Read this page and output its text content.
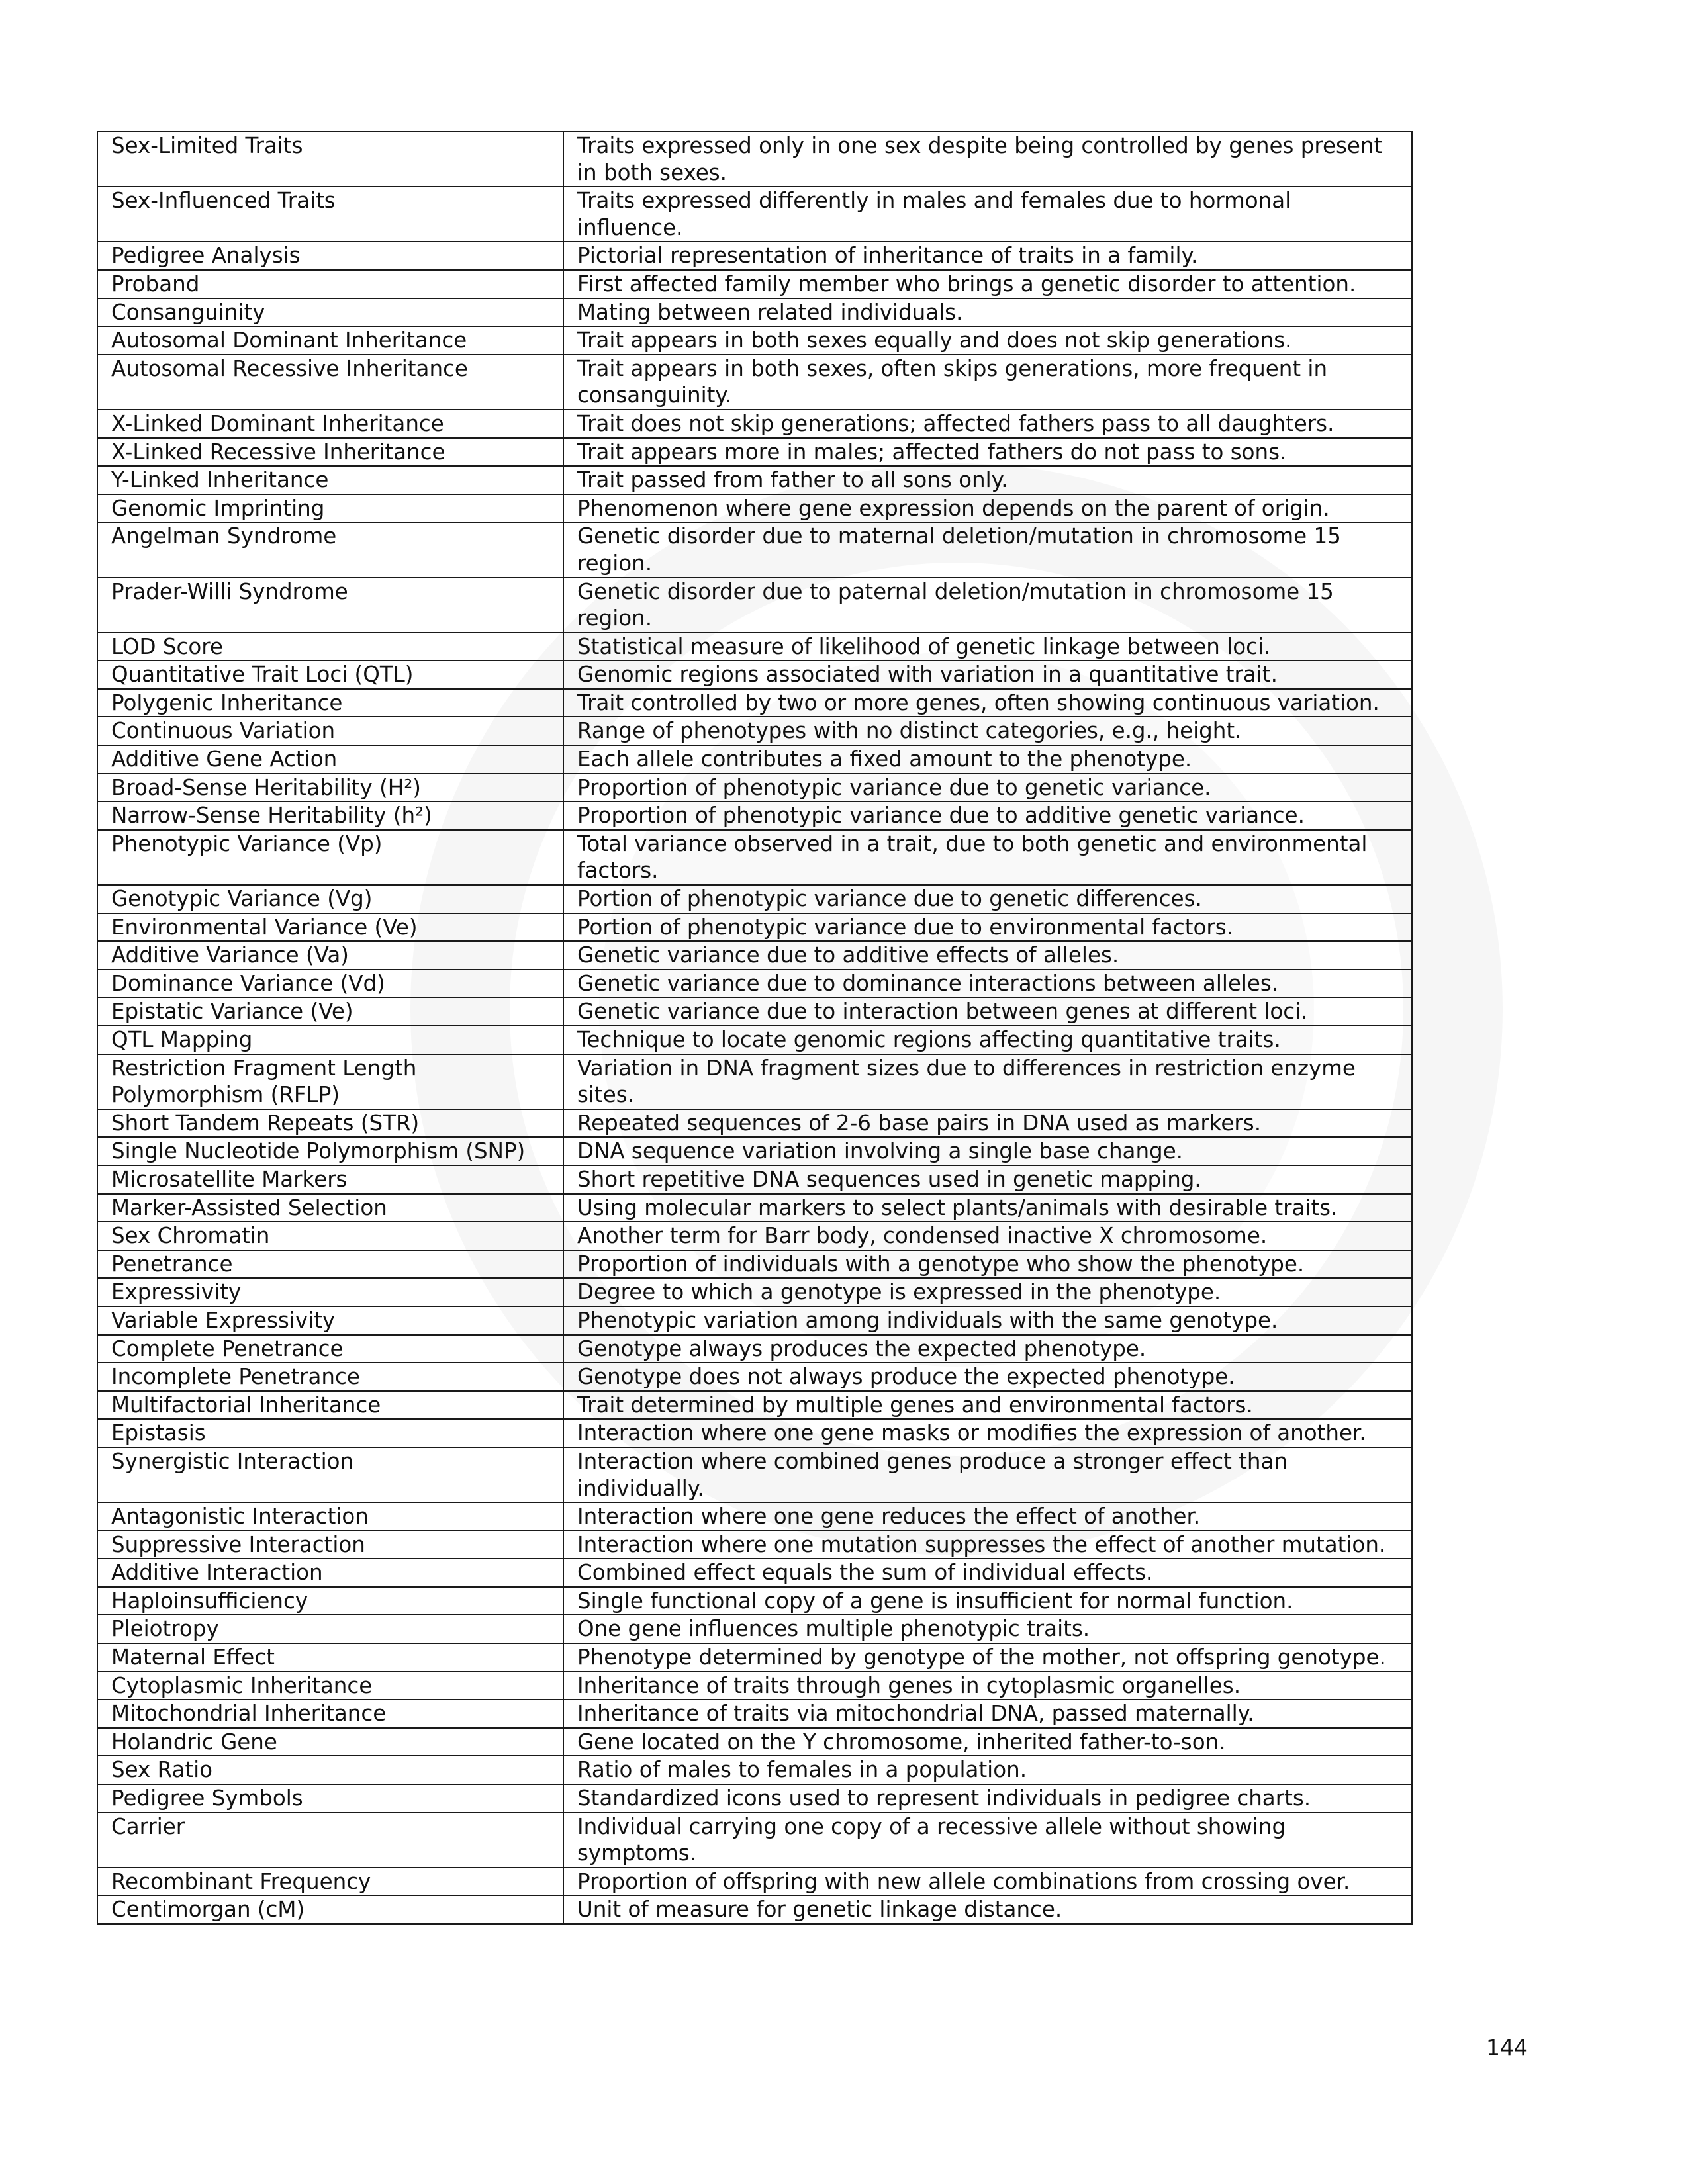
Sex-Limited Traits	Traits expressed only in one sex despite being controlled by genes present in both sexes.
Sex-Influenced Traits	Traits expressed differently in males and females due to hormonal influence.
Pedigree Analysis	Pictorial representation of inheritance of traits in a family.
Proband	First affected family member who brings a genetic disorder to attention.
Consanguinity	Mating between related individuals.
Autosomal Dominant Inheritance	Trait appears in both sexes equally and does not skip generations.
Autosomal Recessive Inheritance	Trait appears in both sexes, often skips generations, more frequent in consanguinity.
X-Linked Dominant Inheritance	Trait does not skip generations; affected fathers pass to all daughters.
X-Linked Recessive Inheritance	Trait appears more in males; affected fathers do not pass to sons.
Y-Linked Inheritance	Trait passed from father to all sons only.
Genomic Imprinting	Phenomenon where gene expression depends on the parent of origin.
Angelman Syndrome	Genetic disorder due to maternal deletion/mutation in chromosome 15 region.
Prader-Willi Syndrome	Genetic disorder due to paternal deletion/mutation in chromosome 15 region.
LOD Score	Statistical measure of likelihood of genetic linkage between loci.
Quantitative Trait Loci (QTL)	Genomic regions associated with variation in a quantitative trait.
Polygenic Inheritance	Trait controlled by two or more genes, often showing continuous variation.
Continuous Variation	Range of phenotypes with no distinct categories, e.g., height.
Additive Gene Action	Each allele contributes a fixed amount to the phenotype.
Broad-Sense Heritability (H²)	Proportion of phenotypic variance due to genetic variance.
Narrow-Sense Heritability (h²)	Proportion of phenotypic variance due to additive genetic variance.
Phenotypic Variance (Vp)	Total variance observed in a trait, due to both genetic and environmental factors.
Genotypic Variance (Vg)	Portion of phenotypic variance due to genetic differences.
Environmental Variance (Ve)	Portion of phenotypic variance due to environmental factors.
Additive Variance (Va)	Genetic variance due to additive effects of alleles.
Dominance Variance (Vd)	Genetic variance due to dominance interactions between alleles.
Epistatic Variance (Ve)	Genetic variance due to interaction between genes at different loci.
QTL Mapping	Technique to locate genomic regions affecting quantitative traits.
Restriction Fragment Length Polymorphism (RFLP)	Variation in DNA fragment sizes due to differences in restriction enzyme sites.
Short Tandem Repeats (STR)	Repeated sequences of 2-6 base pairs in DNA used as markers.
Single Nucleotide Polymorphism (SNP)	DNA sequence variation involving a single base change.
Microsatellite Markers	Short repetitive DNA sequences used in genetic mapping.
Marker-Assisted Selection	Using molecular markers to select plants/animals with desirable traits.
Sex Chromatin	Another term for Barr body, condensed inactive X chromosome.
Penetrance	Proportion of individuals with a genotype who show the phenotype.
Expressivity	Degree to which a genotype is expressed in the phenotype.
Variable Expressivity	Phenotypic variation among individuals with the same genotype.
Complete Penetrance	Genotype always produces the expected phenotype.
Incomplete Penetrance	Genotype does not always produce the expected phenotype.
Multifactorial Inheritance	Trait determined by multiple genes and environmental factors.
Epistasis	Interaction where one gene masks or modifies the expression of another.
Synergistic Interaction	Interaction where combined genes produce a stronger effect than individually.
Antagonistic Interaction	Interaction where one gene reduces the effect of another.
Suppressive Interaction	Interaction where one mutation suppresses the effect of another mutation.
Additive Interaction	Combined effect equals the sum of individual effects.
Haploinsufficiency	Single functional copy of a gene is insufficient for normal function.
Pleiotropy	One gene influences multiple phenotypic traits.
Maternal Effect	Phenotype determined by genotype of the mother, not offspring genotype.
Cytoplasmic Inheritance	Inheritance of traits through genes in cytoplasmic organelles.
Mitochondrial Inheritance	Inheritance of traits via mitochondrial DNA, passed maternally.
Holandric Gene	Gene located on the Y chromosome, inherited father-to-son.
Sex Ratio	Ratio of males to females in a population.
Pedigree Symbols	Standardized icons used to represent individuals in pedigree charts.
Carrier	Individual carrying one copy of a recessive allele without showing symptoms.
Recombinant Frequency	Proportion of offspring with new allele combinations from crossing over.
Centimorgan (cM)	Unit of measure for genetic linkage distance.
144
